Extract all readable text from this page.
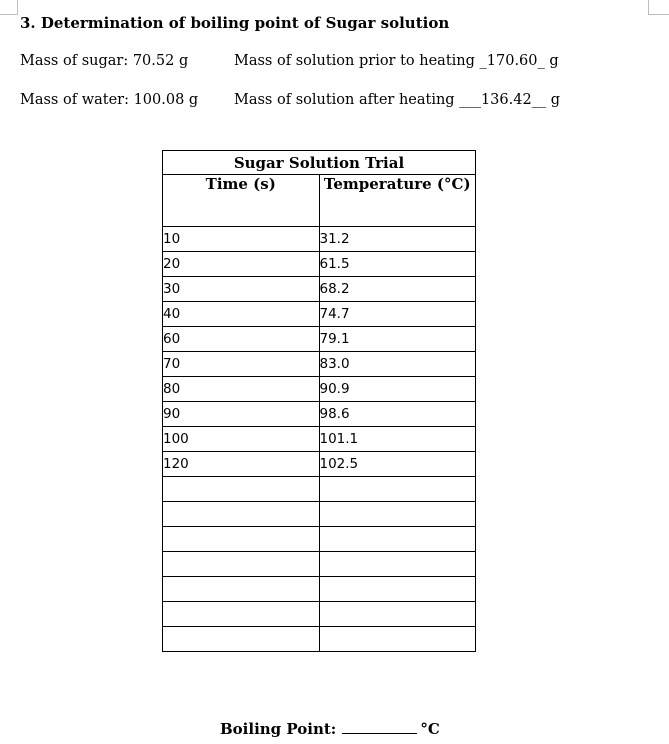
3. Determination of boiling point of Sugar solution
Mass of sugar: 70.52 g	Mass of solution prior to heating _170.60_ g
Mass of water: 100.08 g Mass of solution after heating ___136.42__ g
Sugar Solution Trial	
Time (s)	Temperature (°C)
10	31.2
20	61.5
30	68.2
40	74.7
60	79.1
70	83.0
80	90.9
90	98.6
100	101.1
120	102.5

Boiling Point:	°C
